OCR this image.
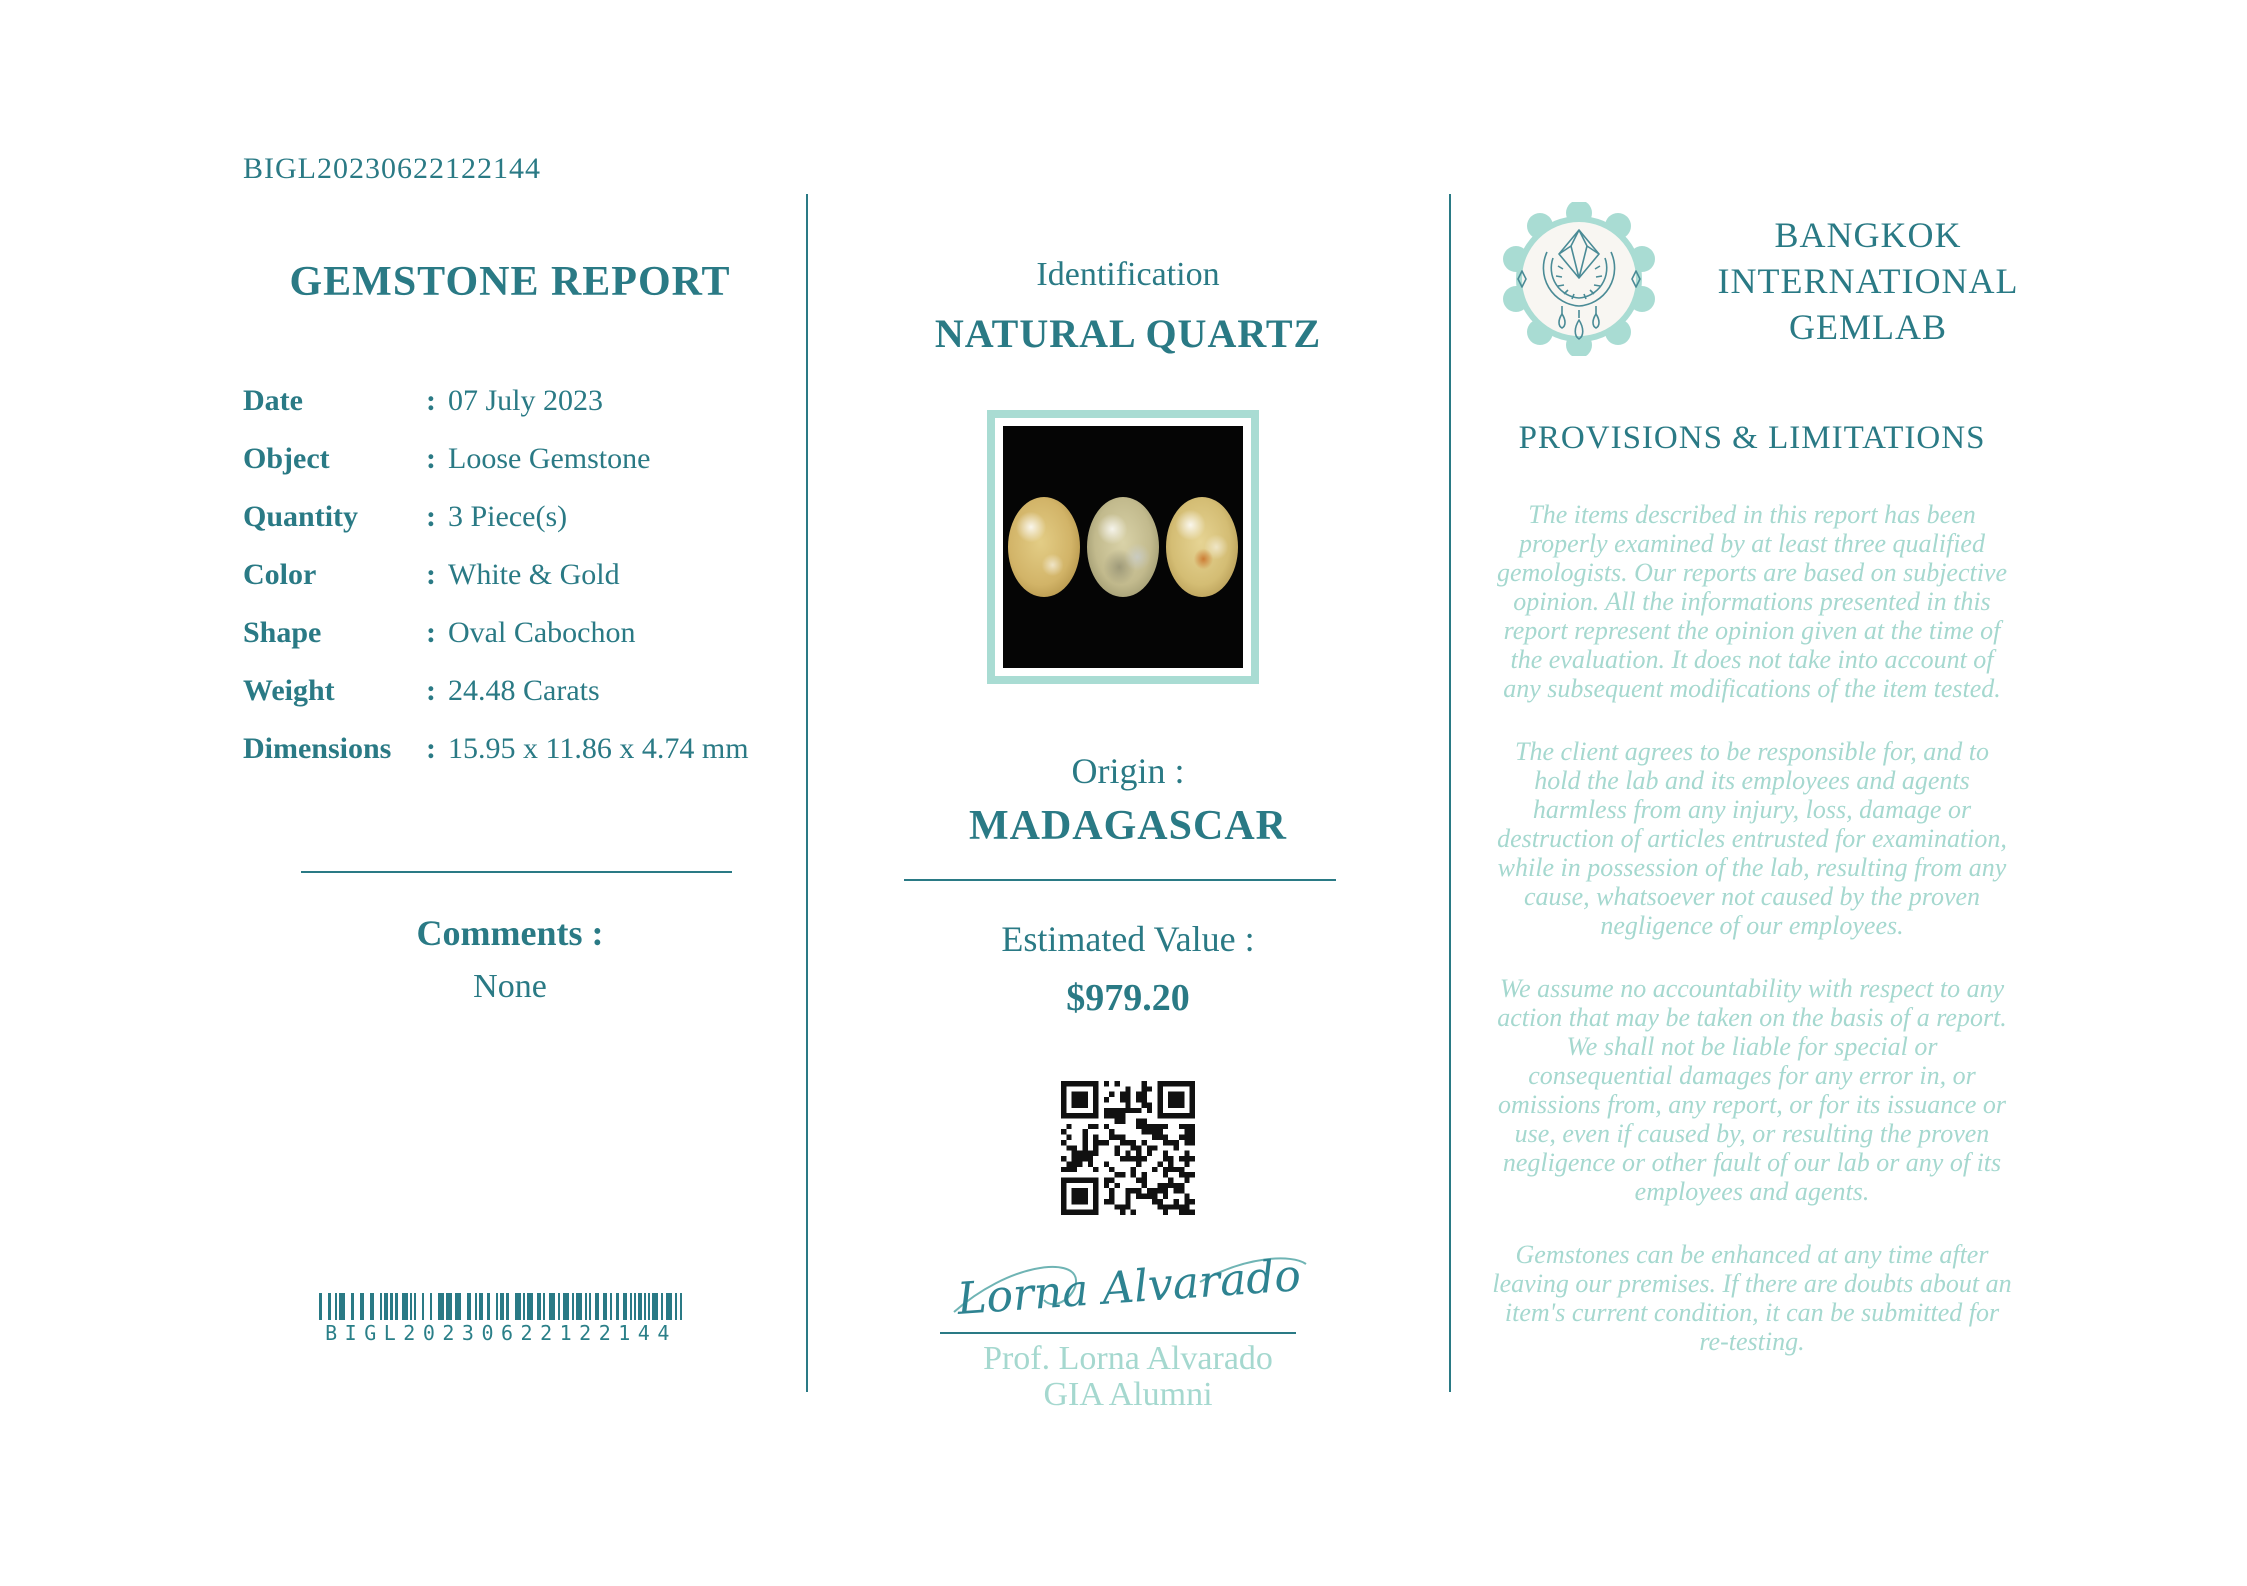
BIGL20230622122144
GEMSTONE REPORT
Date	: 07 July 2023
Object	: Loose Gemstone
Quantity	: 3 Piece(s)
Color	: White & Gold
Shape	: Oval Cabochon
Weight	: 24.48 Carats
Dimensions	: 15.95 x 11.86 x 4.74 mm
Comments :
None
BIGL20230622122144
Identification
NATURAL QUARTZ
Origin :
MADAGASCAR
Estimated Value :
$979.20
Lorna Alvarado
Prof. Lorna Alvarado
GIA Alumni
BANGKOK
INTERNATIONAL
GEMLAB
PROVISIONS & LIMITATIONS

The items described in this report has been properly examined by at least three qualified gemologists. Our reports are based on subjective opinion. All the informations presented in this report represent the opinion given at the time of the evaluation. It does not take into account of any subsequent modifications of the item tested.

The client agrees to be responsible for, and to hold the lab and its employees and agents harmless from any injury, loss, damage or destruction of articles entrusted for examination, while in possession of the lab, resulting from any cause, whatsoever not caused by the proven negligence of our employees.

We assume no accountability with respect to any action that may be taken on the basis of a report. We shall not be liable for special or consequential damages for any error in, or omissions from, any report, or for its issuance or use, even if caused by, or resulting the proven negligence or other fault of our lab or any of its employees and agents.

Gemstones can be enhanced at any time after leaving our premises. If there are doubts about an item's current condition, it can be submitted for re-testing.
